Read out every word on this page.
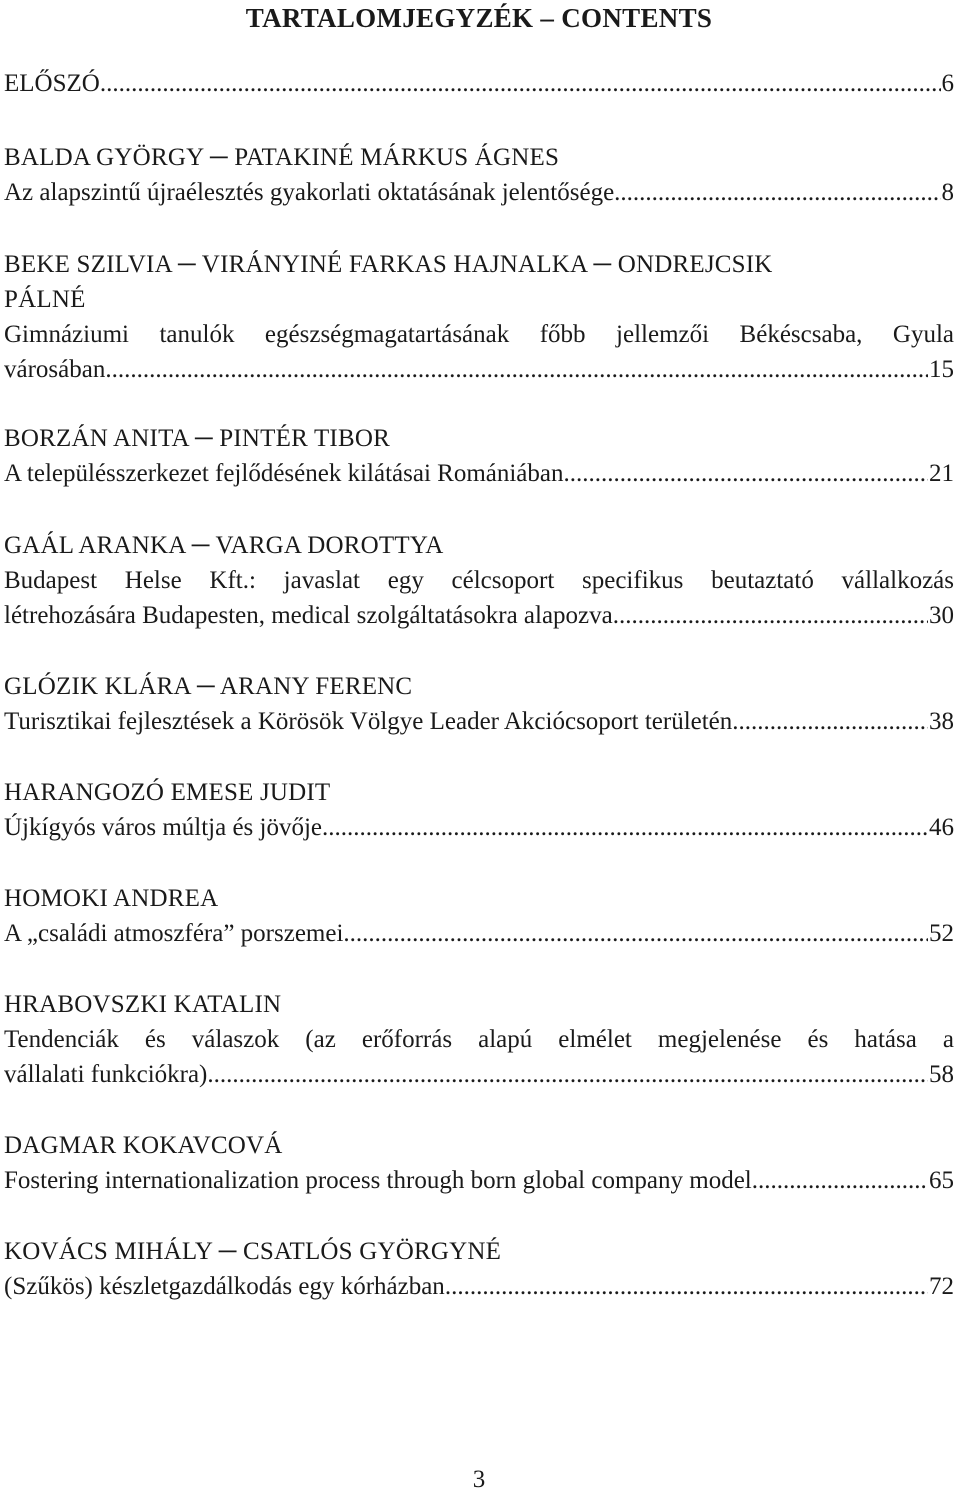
TARTALOMJEGYZÉK – CONTENTS
ELŐSZÓ .....	6
BALDA GYÖRGY ─ PATAKINÉ MÁRKUS ÁGNES
Az alapszintű újraélesztés gyakorlati oktatásának jelentősége .....	8
BEKE SZILVIA ─ VIRÁNYINÉ FARKAS HAJNALKA ─ ONDREJCSIK
PÁLNÉ
Gimnáziumi tanulók egészségmagatartásának főbb jellemzői Békéscsaba, Gyula
városában .....	15
BORZÁN ANITA ─ PINTÉR TIBOR
A településszerkezet fejlődésének kilátásai Romániában .....	21
GAÁL ARANKA ─ VARGA DOROTTYA
Budapest Helse Kft.: javaslat egy célcsoport specifikus beutaztató vállalkozás
létrehozására Budapesten, medical szolgáltatásokra alapozva .....	30
GLÓZIK KLÁRA ─ ARANY FERENC
Turisztikai fejlesztések a Körösök Völgye Leader Akciócsoport területén .....	38
HARANGOZÓ EMESE JUDIT
Újkígyós város múltja és jövője .....	46
HOMOKI ANDREA
A „családi atmoszféra” porszemei .....	52
HRABOVSZKI KATALIN
Tendenciák és válaszok (az erőforrás alapú elmélet megjelenése és hatása a
vállalati funkciókra) .....	58
DAGMAR KOKAVCOVÁ
Fostering internationalization process through born global company model .....	65
KOVÁCS MIHÁLY ─ CSATLÓS GYÖRGYNÉ
(Szűkös) készletgazdálkodás egy kórházban .....	72
3
